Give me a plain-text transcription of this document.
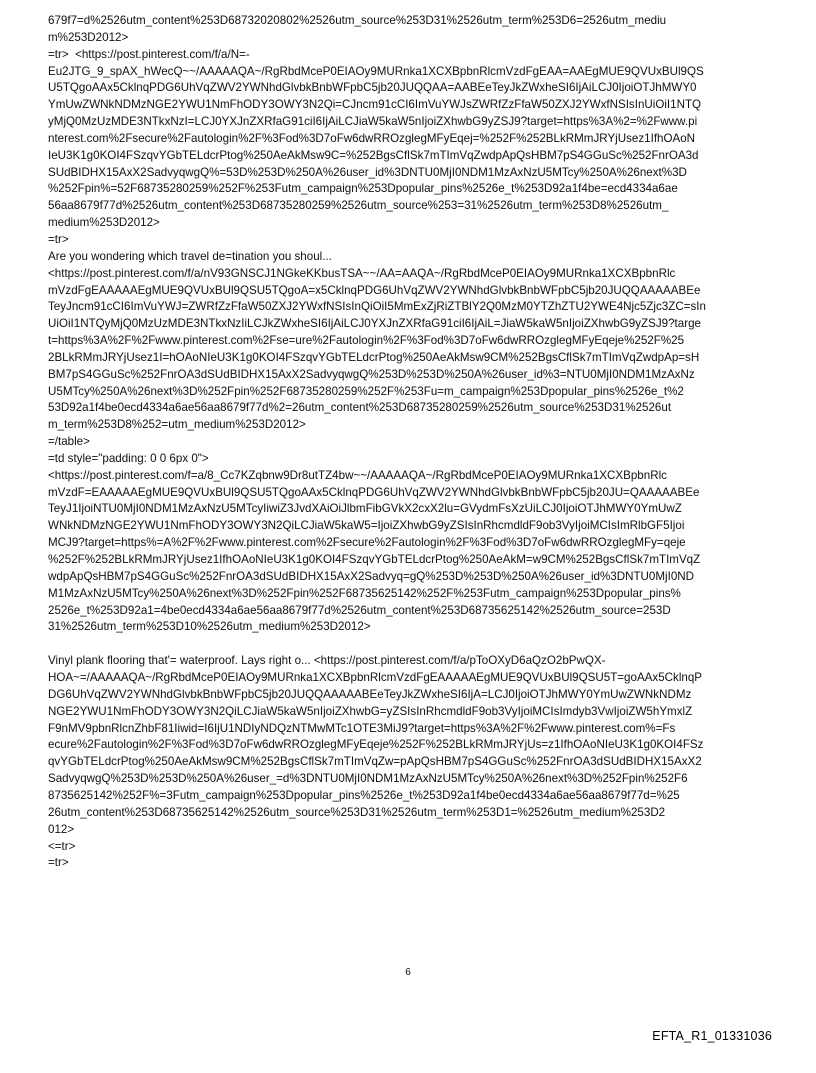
679f7=d%2526utm_content%253D68732020802%2526utm_source%253D31%2526utm_term%253D6=2526utm_mediu
m%253D2012>
=tr>  <https://post.pinterest.com/f/a/N=-
Eu2JTG_9_spAX_hWecQ~~/AAAAAQA~/RgRbdMceP0EIAOy9MURnka1XCXBpbnRlcmVzdFgEAA=AAEgMUE9QVUxBUl9QS
U5TQgoAAx5CklnqPDG6UhVqZWV2YWNhdGlvbkBnbWFpbC5jb20JUQQAA=AABEeTeyJkZWxheSI6IjAiLCJ0IjoiOTJhMWY0
YmUwZWNkNDMzNGE2YWU1NmFhODY3OWY3N2Qi=CJncm91cCI6ImVuYWJsZWRfZzFfaW50ZXJ2YWxfNSIsInUiOiI1NTQ
yMjQ0MzUzMDE3NTkxNzI=LCJ0YXJnZXRfaG91ciI6IjAiLCJiaW5kaW5nIjoiZXhwbG9yZSJ9?target=https%3A%2=%2Fwww.pi
nterest.com%2Fsecure%2Fautologin%2F%3Fod%3D7oFw6dwRROzglegMFyEqej=%252F%252BLkRMmJRYjUsez1IfhOAoN
IeU3K1g0KOI4FSzqvYGbTELdcrPtog%250AeAkMsw9C=%252BgsCflSk7mTImVqZwdpApQsHBM7pS4GGuSc%252FnrOA3d
SUdBIDHX15AxX2SadvyqwgQ%=53D%253D%250A%26user_id%3DNTU0MjI0NDM1MzAxNzU5MTcy%250A%26next%3D
%252Fpin%=52F68735280259%252F%253Futm_campaign%253Dpopular_pins%2526e_t%253D92a1f4be=ecd4334a6ae
56aa8679f77d%2526utm_content%253D68735280259%2526utm_source%253=31%2526utm_term%253D8%2526utm_
medium%253D2012>
=tr>
Are you wondering which travel de=tination you shoul...
<https://post.pinterest.com/f/a/nV93GNSCJ1NGkeKKbusTSA~~/AA=AAQA~/RgRbdMceP0EIAOy9MURnka1XCXBpbnRlc
mVzdFgEAAAAAEgMUE9QVUxBUl9QSU5TQgoA=x5CklnqPDG6UhVqZWV2YWNhdGlvbkBnbWFpbC5jb20JUQQAAAAABEe
TeyJncm91cCI6ImVuYWJ=ZWRfZzFfaW50ZXJ2YWxfNSIsInQiOiI5MmExZjRiZTBlY2Q0MzM0YTZhZTU2YWE4Njc5Zjc3ZC=sIn
UiOiI1NTQyMjQ0MzUzMDE3NTkxNzIiLCJkZWxheSI6IjAiLCJ0YXJnZXRfaG91ciI6IjAiL=JiaW5kaW5nIjoiZXhwbG9yZSJ9?targe
t=https%3A%2F%2Fwww.pinterest.com%2Fse=ure%2Fautologin%2F%3Fod%3D7oFw6dwRROzglegMFyEqeje%252F%25
2BLkRMmJRYjUsez1I=hOAoNIeU3K1g0KOI4FSzqvYGbTELdcrPtog%250AeAkMsw9CM%252BgsCflSk7mTImVqZwdpAp=sH
BM7pS4GGuSc%252FnrOA3dSUdBIDHX15AxX2SadvyqwgQ%253D%253D%250A%26user_id%3=NTU0MjI0NDM1MzAxNz
U5MTcy%250A%26next%3D%252Fpin%252F68735280259%252F%253Fu=m_campaign%253Dpopular_pins%2526e_t%2
53D92a1f4be0ecd4334a6ae56aa8679f77d%2=26utm_content%253D68735280259%2526utm_source%253D31%2526ut
m_term%253D8%252=utm_medium%253D2012>
=/table>
=td style="padding: 0 0 6px 0">
<https://post.pinterest.com/f=a/8_Cc7KZqbnw9Dr8utTZ4bw~~/AAAAAQA~/RgRbdMceP0EIAOy9MURnka1XCXBpbnRlc
mVzdF=EAAAAAEgMUE9QVUxBUl9QSU5TQgoAAx5CklnqPDG6UhVqZWV2YWNhdGlvbkBnbWFpbC5jb20JU=QAAAAABEe
TeyJ1IjoiNTU0MjI0NDM1MzAxNzU5MTcyIiwiZ3JvdXAiOiJlbmFibGVkX2cxX2lu=GVydmFsXzUiLCJ0IjoiOTJhMWY0YmUwZ
WNkNDMzNGE2YWU1NmFhODY3OWY3N2QiLCJiaW5kaW5=IjoiZXhwbG9yZSIsInRhcmdldF9ob3VyIjoiMCIsImRlbGF5Ijoi
MCJ9?target=https%=A%2F%2Fwww.pinterest.com%2Fsecure%2Fautologin%2F%3Fod%3D7oFw6dwRROzglegMFy=qeje
%252F%252BLkRMmJRYjUsez1IfhOAoNIeU3K1g0KOI4FSzqvYGbTELdcrPtog%250AeAkM=w9CM%252BgsCflSk7mTImVqZ
wdpApQsHBM7pS4GGuSc%252FnrOA3dSUdBIDHX15AxX2Sadvyq=gQ%253D%253D%250A%26user_id%3DNTU0MjI0ND
M1MzAxNzU5MTcy%250A%26next%3D%252Fpin%252F68735625142%252F%253Futm_campaign%253Dpopular_pins%
2526e_t%253D92a1=4be0ecd4334a6ae56aa8679f77d%2526utm_content%253D68735625142%2526utm_source=253D
31%2526utm_term%253D10%2526utm_medium%253D2012>
Vinyl plank flooring that'= waterproof. Lays right o... <https://post.pinterest.com/f/a/pToOXyD6aQzO2bPwQX-
HOA~=/AAAAAQA~/RgRbdMceP0EIAOy9MURnka1XCXBpbnRlcmVzdFgEAAAAAEgMUE9QVUxBUl9QSU5T=goAAx5CklnqP
DG6UhVqZWV2YWNhdGlvbkBnbWFpbC5jb20JUQQAAAAABEeTeyJkZWxheSI6IjA=LCJ0IjoiOTJhMWY0YmUwZWNkNDMz
NGE2YWU1NmFhODY3OWY3N2QiLCJiaW5kaW5nIjoiZXhwbG=yZSIsInRhcmdldF9ob3VyIjoiMCIsImdyb3VwIjoiZW5hYmxlZ
F9nMV9pbnRlcnZhbF81Iiwid=I6IjU1NDIyNDQzNTMwMTc1OTE3MiJ9?target=https%3A%2F%2Fwww.pinterest.com%=Fs
ecure%2Fautologin%2F%3Fod%3D7oFw6dwRROzglegMFyEqeje%252F%252BLkRMmJRYjUs=z1IfhOAoNIeU3K1g0KOI4FSz
qvYGbTELdcrPtog%250AeAkMsw9CM%252BgsCflSk7mTImVqZw=pApQsHBM7pS4GGuSc%252FnrOA3dSUdBIDHX15AxX2
SadvyqwgQ%253D%253D%250A%26user_=d%3DNTU0MjI0NDM1MzAxNzU5MTcy%250A%26next%3D%252Fpin%252F6
8735625142%252F%=3Futm_campaign%253Dpopular_pins%2526e_t%253D92a1f4be0ecd4334a6ae56aa8679f77d=%25
26utm_content%253D68735625142%2526utm_source%253D31%2526utm_term%253D1=%2526utm_medium%253D2
012>
<=tr>
=tr>
6
EFTA_R1_01331036
